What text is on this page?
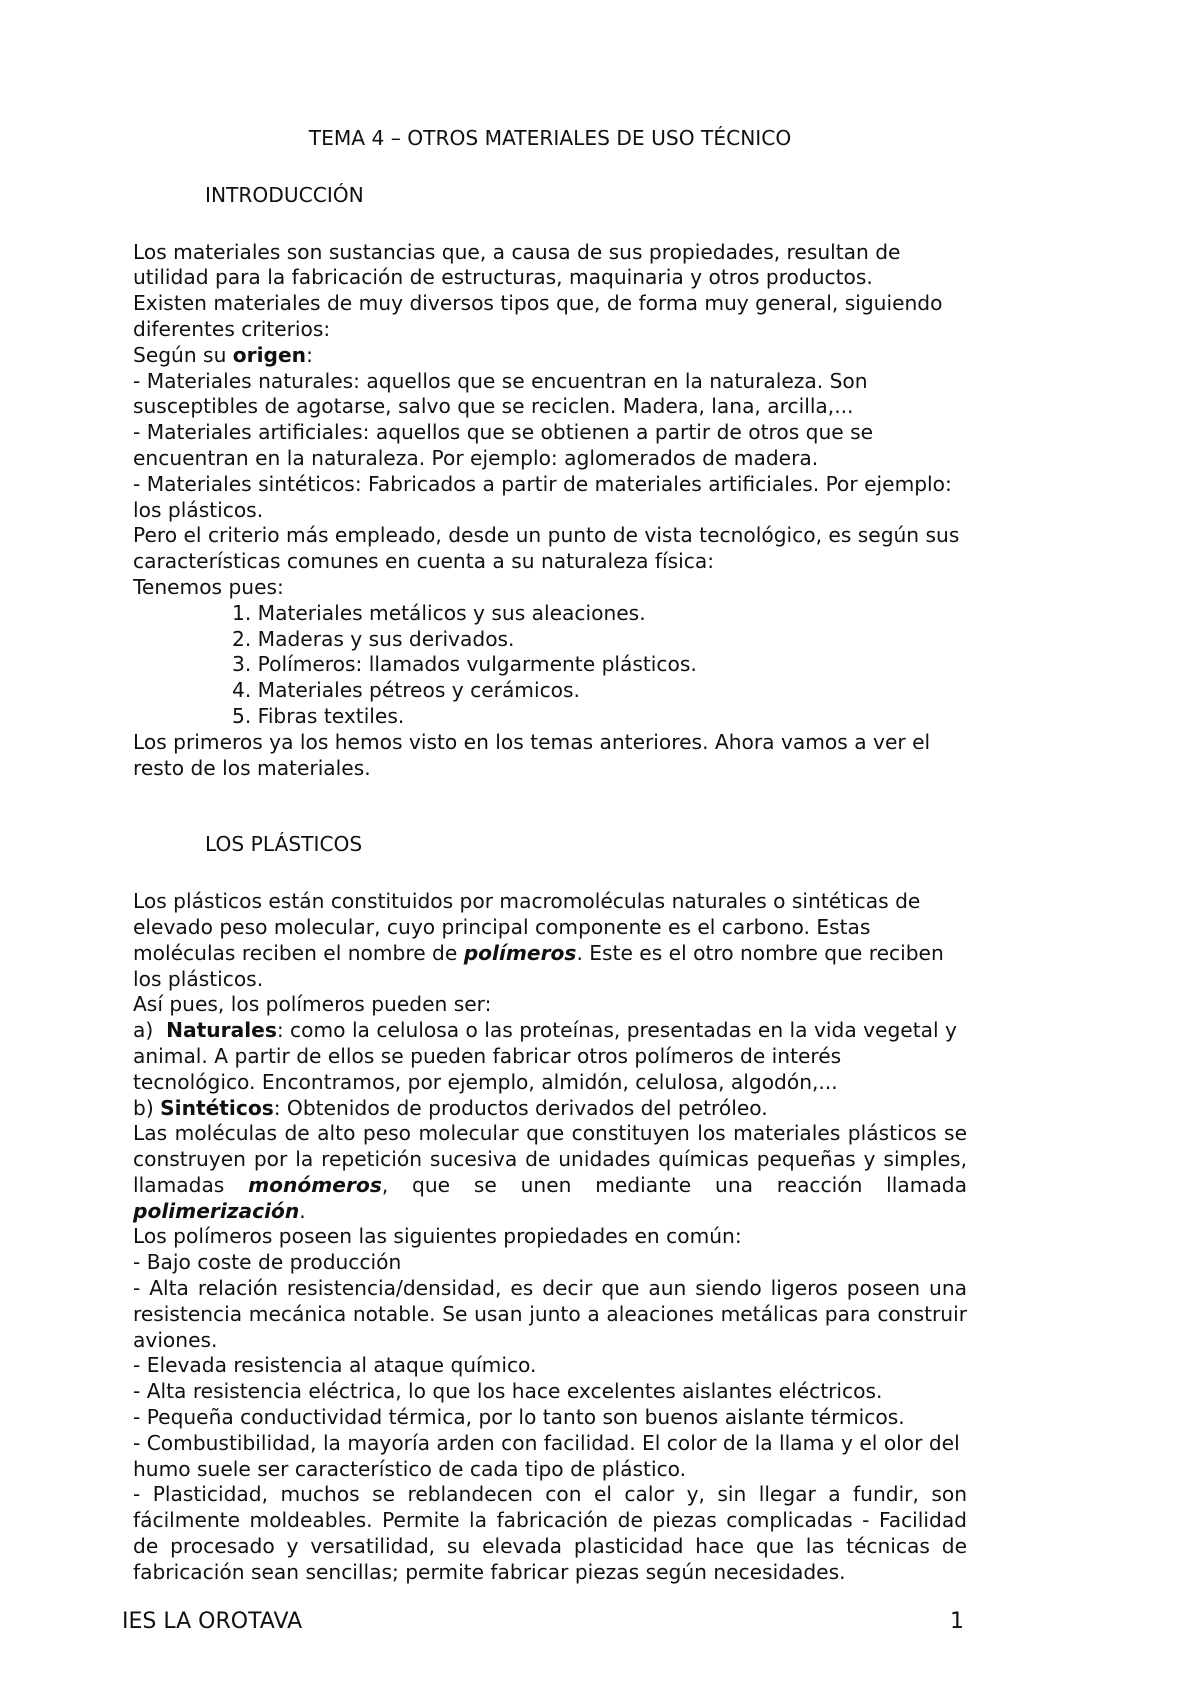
TEMA 4 – OTROS MATERIALES DE USO TÉCNICO
INTRODUCCIÓN

Los materiales son sustancias que, a causa de sus propiedades, resultan de utilidad para la fabricación de estructuras, maquinaria y otros productos.

Existen materiales de muy diversos tipos que, de forma muy general, siguiendo diferentes criterios:

Según su origen:

- Materiales naturales: aquellos que se encuentran en la naturaleza. Son susceptibles de agotarse, salvo que se reciclen. Madera, lana, arcilla,...

- Materiales artificiales: aquellos que se obtienen a partir de otros que se encuentran en la naturaleza. Por ejemplo: aglomerados de madera.

- Materiales sintéticos: Fabricados a partir de materiales artificiales. Por ejemplo: los plásticos.

Pero el criterio más empleado, desde un punto de vista tecnológico, es según sus características comunes en cuenta a su naturaleza física:

Tenemos pues:

1. Materiales metálicos y sus aleaciones.
2. Maderas y sus derivados.
3. Polímeros: llamados vulgarmente plásticos.
4. Materiales pétreos y cerámicos.
5. Fibras textiles.

Los primeros ya los hemos visto en los temas anteriores. Ahora vamos a ver el resto de los materiales.

LOS PLÁSTICOS

Los plásticos están constituidos por macromoléculas naturales o sintéticas de elevado peso molecular, cuyo principal componente es el carbono. Estas moléculas reciben el nombre de polímeros. Este es el otro nombre que reciben los plásticos.

Así pues, los polímeros pueden ser:

a)  Naturales: como la celulosa o las proteínas, presentadas en la vida vegetal y animal. A partir de ellos se pueden fabricar otros polímeros de interés tecnológico. Encontramos, por ejemplo, almidón, celulosa, algodón,...

b) Sintéticos: Obtenidos de productos derivados del petróleo.

Las moléculas de alto peso molecular que constituyen los materiales plásticos se construyen por la repetición sucesiva de unidades químicas pequeñas y simples, llamadas monómeros, que se unen mediante una reacción llamada polimerización.

Los polímeros poseen las siguientes propiedades en común:

- Bajo coste de producción

- Alta relación resistencia/densidad, es decir que aun siendo ligeros poseen una resistencia mecánica notable. Se usan junto a aleaciones metálicas para construir aviones.

- Elevada resistencia al ataque químico.

- Alta resistencia eléctrica, lo que los hace excelentes aislantes eléctricos.

- Pequeña conductividad térmica, por lo tanto son buenos aislante térmicos.

- Combustibilidad, la mayoría arden con facilidad. El color de la llama y el olor del humo suele ser característico de cada tipo de plástico.

- Plasticidad, muchos se reblandecen con el calor y, sin llegar a fundir, son fácilmente moldeables. Permite la fabricación de piezas complicadas - Facilidad de procesado y versatilidad, su elevada plasticidad hace que las técnicas de fabricación sean sencillas; permite fabricar piezas según necesidades.

IES LA OROTAVA	1
